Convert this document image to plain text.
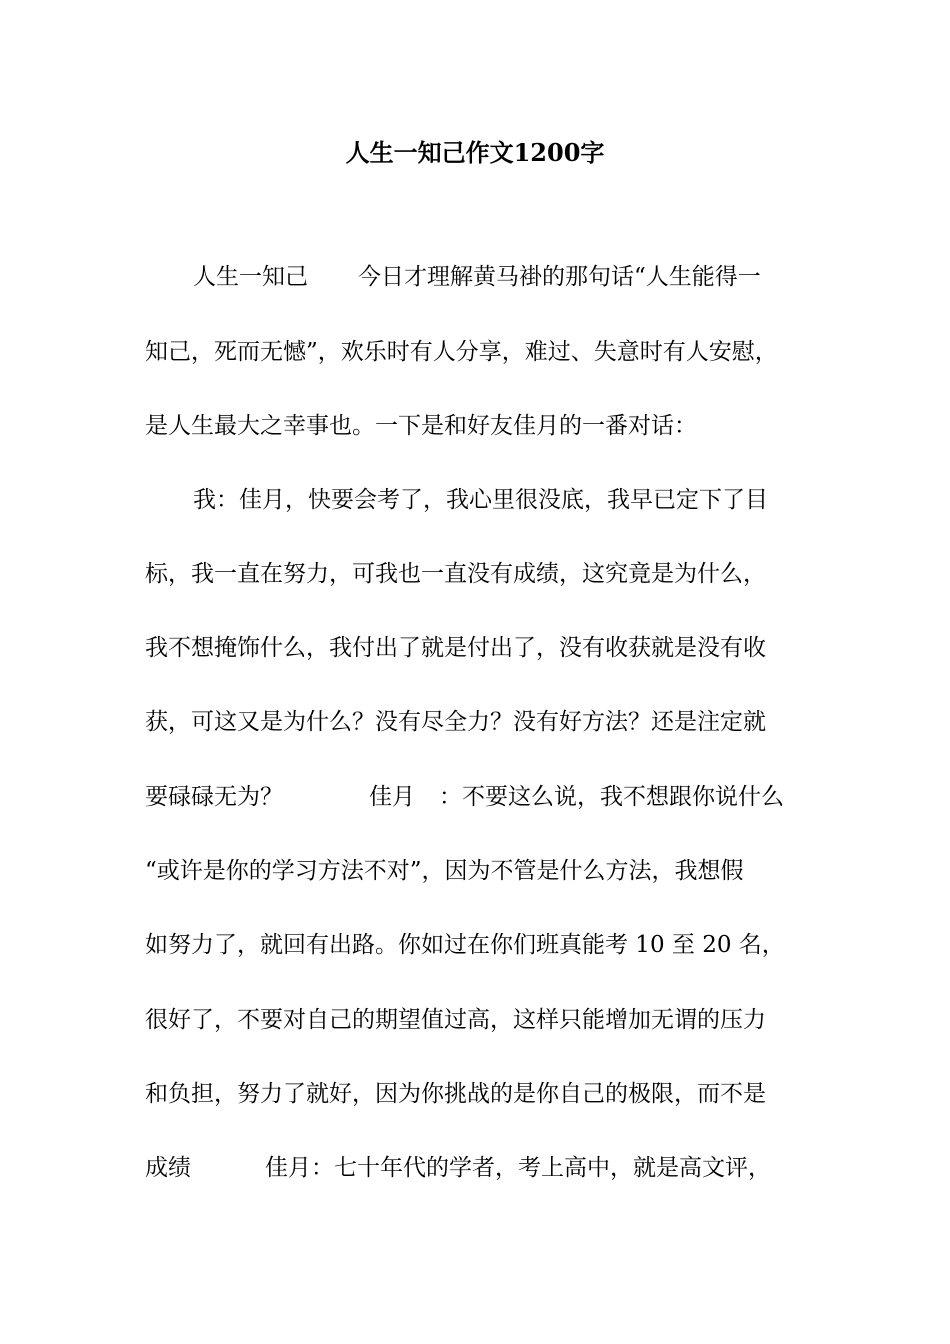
人生一知己作文1200字
人生一知己 今日才理解黄马褂的那句话“人生能得一
知己，死而无憾”，欢乐时有人分享，难过、失意时有人安慰，
是人生最大之幸事也。一下是和好友佳月的一番对话：
我：佳月，快要会考了，我心里很没底，我早已定下了目
标，我一直在努力，可我也一直没有成绩，这究竟是为什么，
我不想掩饰什么，我付出了就是付出了，没有收获就是没有收
获，可这又是为什么？没有尽全力？没有好方法？还是注定就
要碌碌无为？	佳月 ：不要这么说，我不想跟你说什么
“或许是你的学习方法不对”，因为不管是什么方法，我想假
如努力了，就回有出路。你如过在你们班真能考 10 至 20 名，
很好了，不要对自己的期望值过高，这样只能增加无谓的压力
和负担，努力了就好，因为你挑战的是你自己的极限，而不是
成绩	佳月：七十年代的学者，考上高中，就是高文评，
